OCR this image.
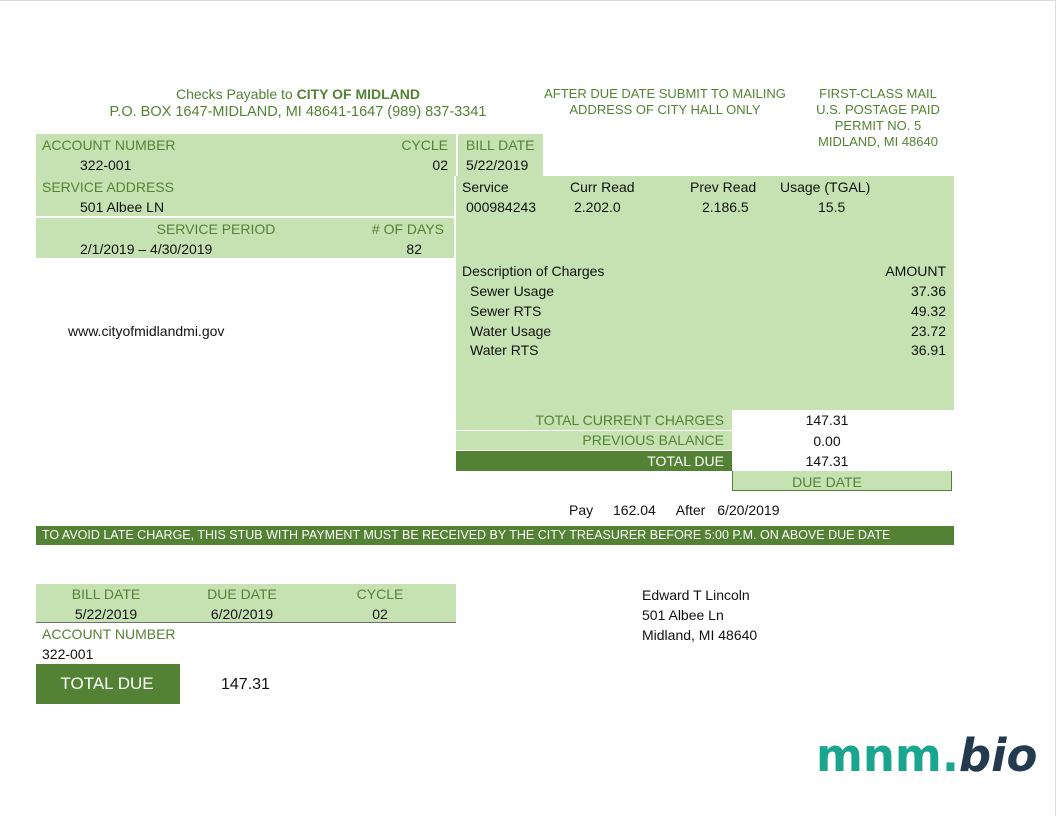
Checks Payable to CITY OF MIDLAND
P.O. BOX 1647-MIDLAND, MI 48641-1647 (989) 837-3341
AFTER DUE DATE SUBMIT TO MAILING
ADDRESS OF CITY HALL ONLY
FIRST-CLASS MAIL
U.S. POSTAGE PAID
PERMIT NO. 5
MIDLAND, MI 48640
ACCOUNT NUMBER
322-001
CYCLE
02
BILL DATE
5/22/2019
SERVICE ADDRESS
501 Albee LN
SERVICE PERIOD
2/1/2019 – 4/30/2019
# OF DAYS
82
www.cityofmidlandmi.gov
Service	Curr Read	Prev Read Usage (TGAL)
000984243	2.202.0	2.186.5	15.5
Description of Charges	AMOUNT
Sewer Usage	37.36
Sewer RTS	49.32
Water Usage	23.72
Water RTS	36.91
TOTAL CURRENT CHARGES	147.31
PREVIOUS BALANCE	0.00
TOTAL DUE	147.31
DUE DATE
Pay 162.04 After 6/20/2019
TO AVOID LATE CHARGE, THIS STUB WITH PAYMENT MUST BE RECEIVED BY THE CITY TREASURER BEFORE 5:00 P.M. ON ABOVE DUE DATE
BILL DATE
5/22/2019
DUE DATE
6/20/2019
CYCLE
02
ACCOUNT NUMBER
322-001
TOTAL DUE	147.31
Edward T Lincoln
501 Albee Ln
Midland, MI 48640
mnm.bio
